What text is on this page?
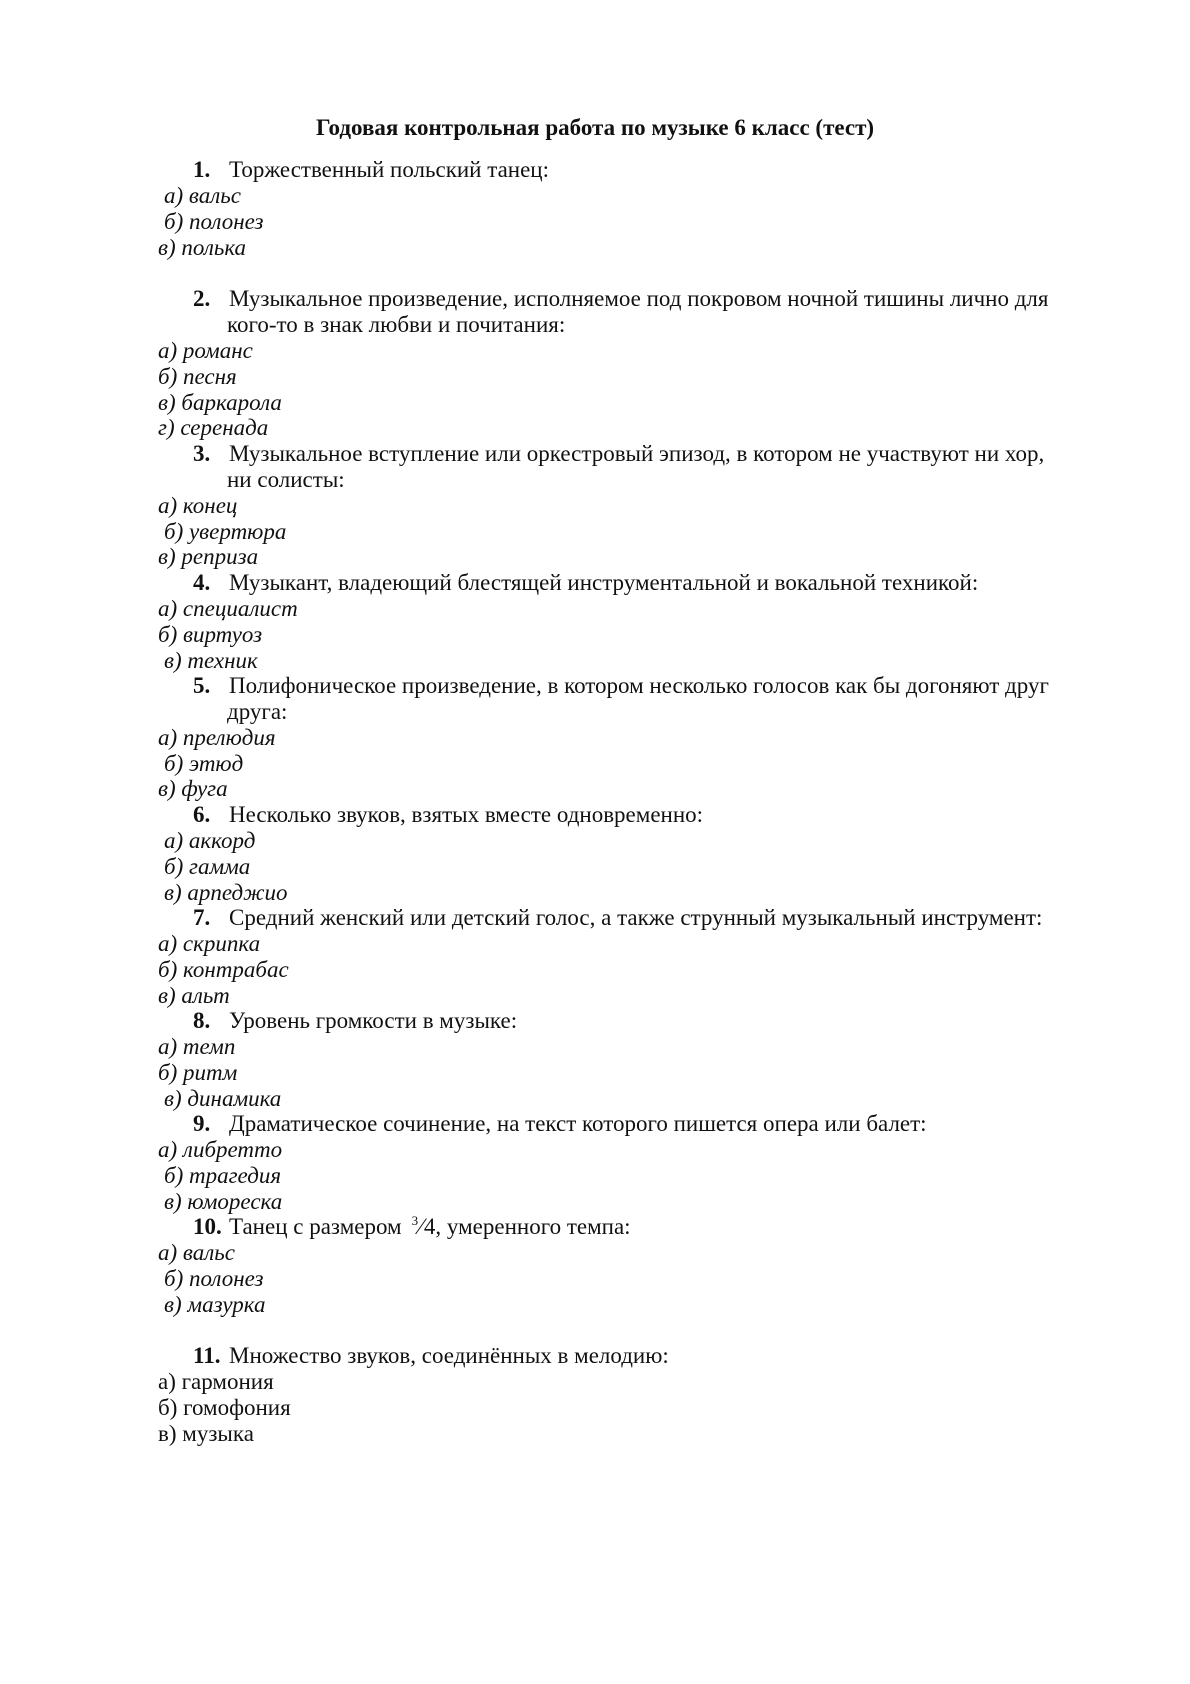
Годовая контрольная работа по музыке 6 класс (тест)
1. Торжественный польский танец:
а) вальс
б) полонез
в) полька
2. Музыкальное произведение, исполняемое под покровом ночной тишины лично для
кого-то в знак любви и почитания:
а) романс
б) песня
в) баркарола
г) серенада
3. Музыкальное вступление или оркестровый эпизод, в котором не участвуют ни хор,
ни солисты:
а) конец
б) увертюра
в) реприза
4. Музыкант, владеющий блестящей инструментальной и вокальной техникой:
а) специалист
б) виртуоз
в) техник
5. Полифоническое произведение, в котором несколько голосов как бы догоняют друг
друга:
а) прелюдия
б) этюд
в) фуга
6. Несколько звуков, взятых вместе одновременно:
а) аккорд
б) гамма
в) арпеджио
7. Средний женский или детский голос, а также струнный музыкальный инструмент:
а) скрипка
б) контрабас
в) альт
8. Уровень громкости в музыке:
а) темп
б) ритм
в) динамика
9. Драматическое сочинение, на текст которого пишется опера или балет:
а) либретто
б) трагедия
в) юмореска
10. Танец с размером $^3$⁄4, умеренного темпа:
а) вальс
б) полонез
в) мазурка
11. Множество звуков, соединённых в мелодию:
а) гармония
б) гомофония
в) музыка
